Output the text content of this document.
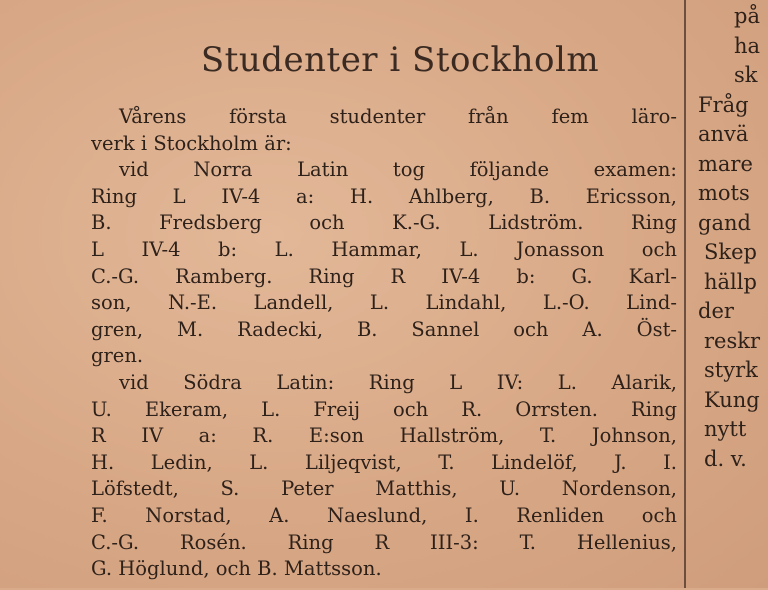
Studenter i Stockholm
Vårens första studenter från fem läro-
verk i Stockholm är:
vid Norra Latin tog följande examen:
Ring L IV-4 a: H. Ahlberg, B. Ericsson,
B. Fredsberg och K.-G. Lidström. Ring
L IV-4 b: L. Hammar, L. Jonasson och
C.-G. Ramberg. Ring R IV-4 b: G. Karl-
son, N.-E. Landell, L. Lindahl, L.-O. Lind-
gren, M. Radecki, B. Sannel och A. Öst-
gren.
vid Södra Latin: Ring L IV: L. Alarik,
U. Ekeram, L. Freij och R. Orrsten. Ring
R IV a: R. E:son Hallström, T. Johnson,
H. Ledin, L. Liljeqvist, T. Lindelöf, J. I.
Löfstedt, S. Peter Matthis, U. Nordenson,
F. Norstad, A. Naeslund, I. Renliden och
C.-G. Rosén. Ring R III-3: T. Hellenius,
G. Höglund, och B. Mattsson.
på
ha
sk
Fråg
anvä
mare
mots
gand
Skep
hällp
der
reskr
styrk
Kung
nytt
d. v.
